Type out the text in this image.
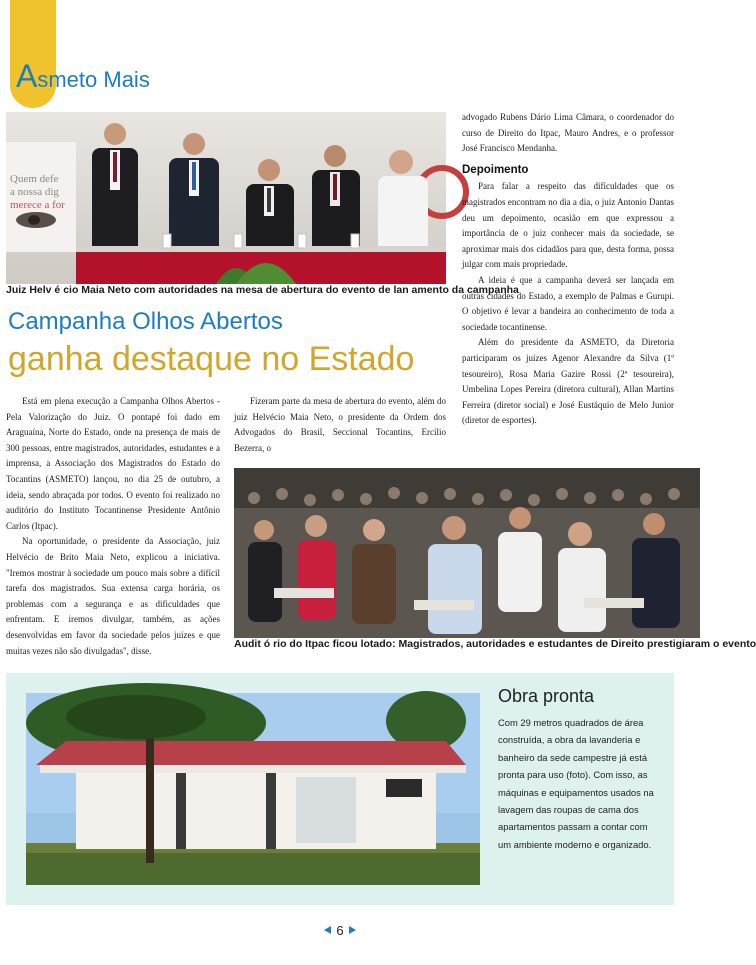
Asmeto Mais
Quem defe
a nossa dig
merece a for
Juiz Helv é cio Maia Neto com autoridades na mesa de abertura do evento de lan amento da campanha
Campanha Olhos Abertos
ganha destaque no Estado

Está em plena execução a Campanha Olhos Abertos - Pela Valorização do Juiz. O pontapé foi dado em Araguaína, Norte do Estado, onde na presença de mais de 300 pessoas, entre magistrados, autoridades, estudantes e a imprensa, a Associação dos Magistrados do Estado do Tocantins (ASMETO) lançou, no dia 25 de outubro, a ideia, sendo abraçada por todos. O evento foi realizado no auditório do Instituto Tocantinense Presidente Antônio Carlos (Itpac).

Na oportunidade, o presidente da Associação, juiz Helvécio de Brito Maia Neto, explicou a iniciativa. "Iremos mostrar à sociedade um pouco mais sobre a difícil tarefa dos magistrados. Sua extensa carga horária, os problemas com a segurança e as dificuldades que enfrentam. E iremos divulgar, também, as ações desenvolvidas em favor da sociedade pelos juízes e que muitas vezes não são divulgadas", disse.

Fizeram parte da mesa de abertura do evento, além do juiz Helvécio Maia Neto, o presidente da Ordem dos Advogados do Brasil, Seccional Tocantins, Ercílio Bezerra, o

advogado Rubens Dário Lima Câmara, o coordenador do curso de Direito do Itpac, Mauro Andres, e o professor José Francisco Mendanha.

Depoimento

Para falar a respeito das dificuldades que os magistrados encontram no dia a dia, o juiz Antonio Dantas deu um depoimento, ocasião em que expressou a importância de o juiz conhecer mais da sociedade, se aproximar mais dos cidadãos para que, desta forma, possa julgar com mais propriedade.

A ideia é que a campanha deverá ser lançada em outras cidades do Estado, a exemplo de Palmas e Gurupi. O objetivo é levar a bandeira ao conhecimento de toda a sociedade tocantinense.

Além do presidente da ASMETO, da Diretoria participaram os juízes Agenor Alexandre da Silva (1º tesoureiro), Rosa Maria Gazire Rossi (2ª tesoureira), Umbelina Lopes Pereira (diretora cultural), Allan Martins Ferreira (diretor social) e José Eustáquio de Melo Junior (diretor de esportes).

Audit ó rio do Itpac ficou lotado: Magistrados, autoridades e estudantes de Direito prestigiaram o evento
Obra pronta
Com 29 metros quadrados de área construída, a obra da lavanderia e banheiro da sede campestre já está pronta para uso (foto). Com isso, as máquinas e equipamentos usados na lavagem das roupas de cama dos apartamentos passam a contar com um ambiente moderno e organizado.
6
